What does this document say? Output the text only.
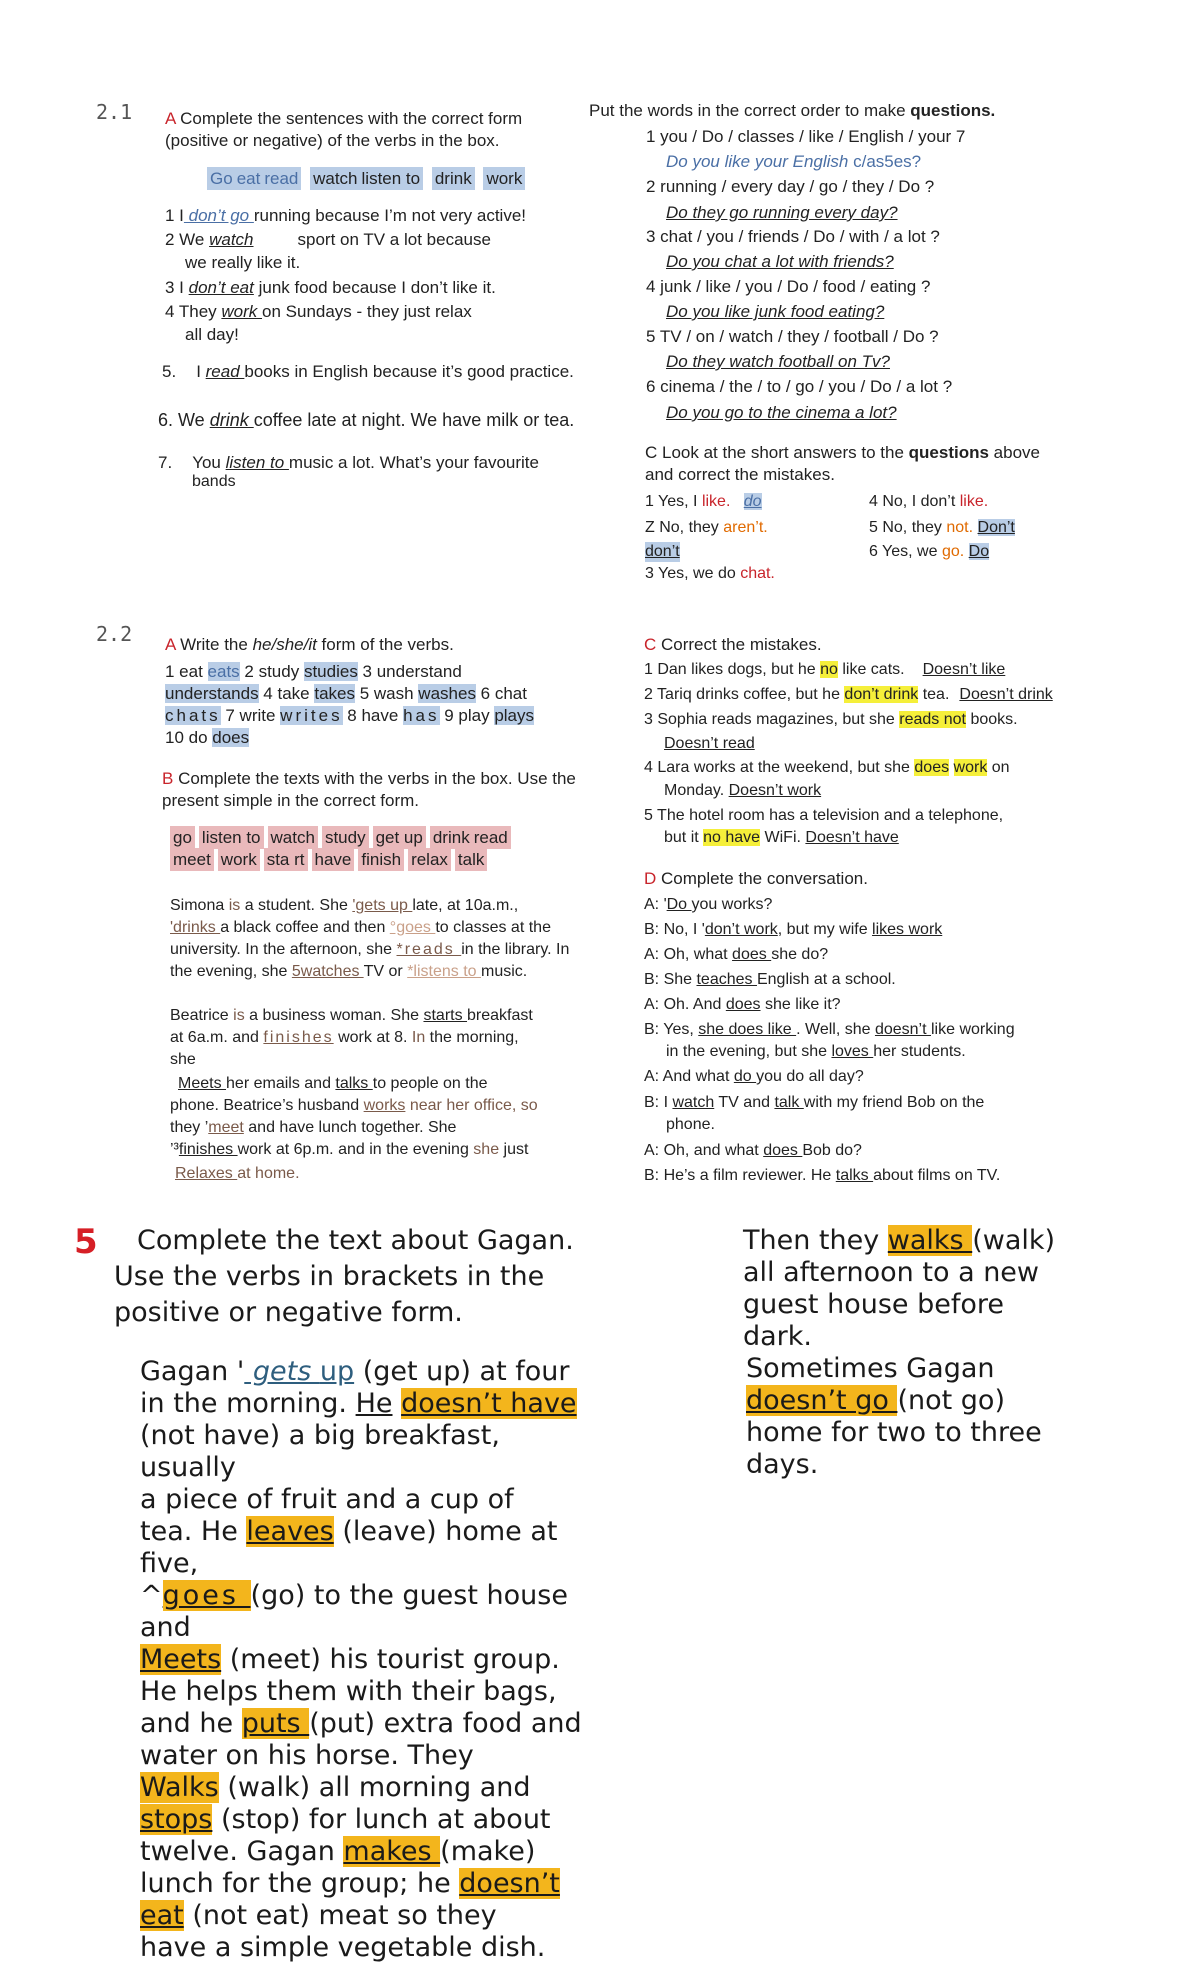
2.1 A Complete the sentences with the correct form
(positive or negative) of the verbs in the box.
Go eat read watch listen to drink work
1 I don’t go running because I’m not very active!
2 We watch	sport on TV a lot because
we really like it.
3 I don’t eat junk food because I don’t like it.
4 They work on Sundays - they just relax
all day!
5. I read books in English because it’s good practice.
6. We drink coffee late at night. We have milk or tea.
7. You listen to music a lot. What’s your favourite
bands
Put the words in the correct order to make questions.
1 you / Do / classes / like / English / your 7
Do you like your English c/as5es?
2 running / every day / go / they / Do ?
Do they go running every day?
3 chat / you / friends / Do / with / a lot ?
Do you chat a lot with friends?
4 junk / like / you / Do / food / eating ?
Do you like junk food eating?
5 TV / on / watch / they / football / Do ?
Do they watch football on Tv?
6 cinema / the / to / go / you / Do / a lot ?
Do you go to the cinema a lot?
C Look at the short answers to the questions above
and correct the mistakes.
1 Yes, I like. do
Z No, they aren’t.
don’t
3 Yes, we do chat.
4 No, I don’t like.
5 No, they not. Don’t
6 Yes, we go. Do
2.2 A Write the he/she/it form of the verbs.
1 eat eats 2 study studies 3 understand
understands 4 take takes 5 wash washes 6 chat
chats 7 write writes 8 have has 9 play plays
10 do does
B Complete the texts with the verbs in the box. Use the
present simple in the correct form.
go listen to watch study get up drink read
meet work sta rt have finish relax talk
Simona is a student. She 'gets up late, at 10a.m.,
'drinks a black coffee and then °goes to classes at the
university. In the afternoon, she *reads in the library. In
the evening, she 5watches TV or *listens to music.
Beatrice is a business woman. She starts breakfast
at 6a.m. and finishes work at 8. In the morning,
she
Meets her emails and talks to people on the
phone. Beatrice’s husband works near her office, so
they ’meet and have lunch together. She
’³finishes work at 6p.m. and in the evening she just
Relaxes at home.
C Correct the mistakes.
1 Dan likes dogs, but he no like cats. Doesn’t like
2 Tariq drinks coffee, but he don’t drink tea. Doesn’t drink
3 Sophia reads magazines, but she reads not books.
Doesn’t read
4 Lara works at the weekend, but she does work on
Monday. Doesn’t work
5 The hotel room has a television and a telephone,
but it no have WiFi. Doesn’t have
D Complete the conversation.
A: 'Do you works?
B: No, I 'don’t work, but my wife likes work
A: Oh, what does she do?
B: She teaches English at a school.
A: Oh. And does she like it?
B: Yes, she does like . Well, she doesn’t like working
in the evening, but she loves her students.
A: And what do you do all day?
B: I watch TV and talk with my friend Bob on the
phone.
A: Oh, and what does Bob do?
B: He’s a film reviewer. He talks about films on TV.
5 Complete the text about Gagan.
Use the verbs in brackets in the
positive or negative form.
Gagan ' gets up (get up) at four
in the morning. He doesn’t have
(not have) a big breakfast,
usually
a piece of fruit and a cup of
tea. He leaves (leave) home at
five,
^goes (go) to the guest house
and
Meets (meet) his tourist group.
He helps them with their bags,
and he puts (put) extra food and
water on his horse. They
Walks (walk) all morning and
stops (stop) for lunch at about
twelve. Gagan makes (make)
lunch for the group; he doesn’t
eat (not eat) meat so they
have a simple vegetable dish.
Then they walks (walk)
all afternoon to a new
guest house before
dark.
Sometimes Gagan
doesn’t go (not go)
home for two to three
days.
